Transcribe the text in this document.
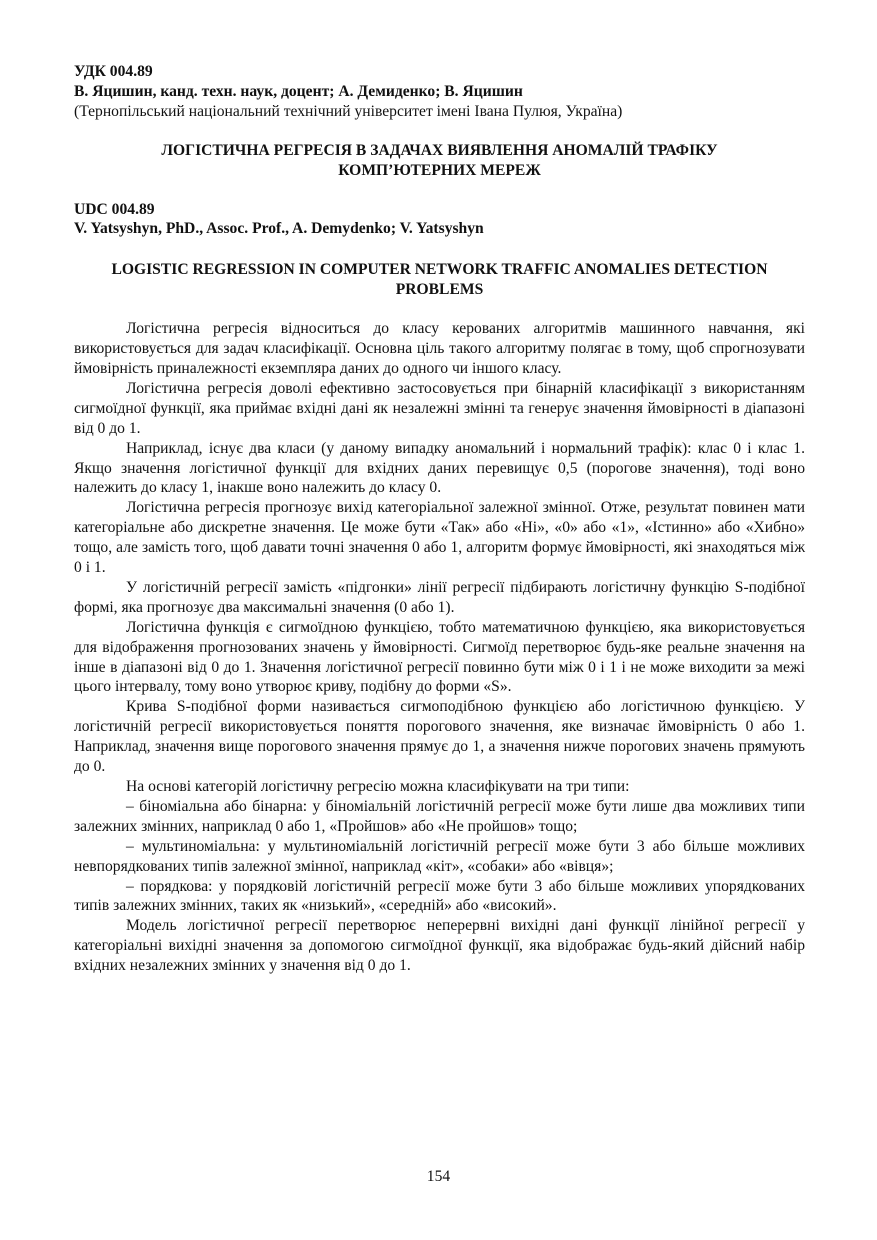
УДК 004.89

В. Яцишин, канд. техн. наук, доцент; А. Демиденко; В. Яцишин

(Тернопільський національний технічний університет імені Івана Пулюя, Україна)

ЛОГІСТИЧНА РЕГРЕСІЯ В ЗАДАЧАХ ВИЯВЛЕННЯ АНОМАЛІЙ ТРАФІКУ КОМП’ЮТЕРНИХ МЕРЕЖ

UDC 004.89

V. Yatsyshyn, PhD., Assoc. Prof., A. Demydenko; V. Yatsyshyn

LOGISTIC REGRESSION IN COMPUTER NETWORK TRAFFIC ANOMALIES DETECTION PROBLEMS

Логістична регресія відноситься до класу керованих алгоритмів машинного навчання, які використовується для задач класифікації. Основна ціль такого алгоритму полягає в тому, щоб спрогнозувати ймовірність приналежності екземпляра даних до одного чи іншого класу.

Логістична регресія доволі ефективно застосовується при бінарній класифікації з використанням сигмоїдної функції, яка приймає вхідні дані як незалежні змінні та генерує значення ймовірності в діапазоні від 0 до 1.

Наприклад, існує два класи (у даному випадку аномальний і нормальний трафік): клас 0 і клас 1. Якщо значення логістичної функції для вхідних даних перевищує 0,5 (порогове значення), тоді воно належить до класу 1, інакше воно належить до класу 0.

Логістична регресія прогнозує вихід категоріальної залежної змінної. Отже, результат повинен мати категоріальне або дискретне значення. Це може бути «Так» або «Ні», «0» або «1», «Істинно» або «Хибно» тощо, але замість того, щоб давати точні значення 0 або 1, алгоритм формує ймовірності, які знаходяться між 0 і 1.

У логістичній регресії замість «підгонки» лінії регресії підбирають логістичну функцію S-подібної формі, яка прогнозує два максимальні значення (0 або 1).

Логістична функція є сигмоїдною функцією, тобто математичною функцією, яка використовується для відображення прогнозованих значень у ймовірності. Сигмоїд перетворює будь-яке реальне значення на інше в діапазоні від 0 до 1. Значення логістичної регресії повинно бути між 0 і 1 і не може виходити за межі цього інтервалу, тому воно утворює криву, подібну до форми «S».

Крива S-подібної форми називається сигмоподібною функцією або логістичною функцією. У логістичній регресії використовується поняття порогового значення, яке визначає ймовірність 0 або 1. Наприклад, значення вище порогового значення прямує до 1, а значення нижче порогових значень прямують до 0.

На основі категорій логістичну регресію можна класифікувати на три типи:

– біноміальна або бінарна: у біноміальній логістичній регресії може бути лише два можливих типи залежних змінних, наприклад 0 або 1, «Пройшов» або «Не пройшов» тощо;

– мультиноміальна: у мультиноміальній логістичній регресії може бути 3 або більше можливих невпорядкованих типів залежної змінної, наприклад «кіт», «собаки» або «вівця»;

– порядкова: у порядковій логістичній регресії може бути 3 або більше можливих упорядкованих типів залежних змінних, таких як «низький», «середній» або «високий».

Модель логістичної регресії перетворює неперервні вихідні дані функції лінійної регресії у категоріальні вихідні значення за допомогою сигмоїдної функції, яка відображає будь-який дійсний набір вхідних незалежних змінних у значення від 0 до 1.

154
